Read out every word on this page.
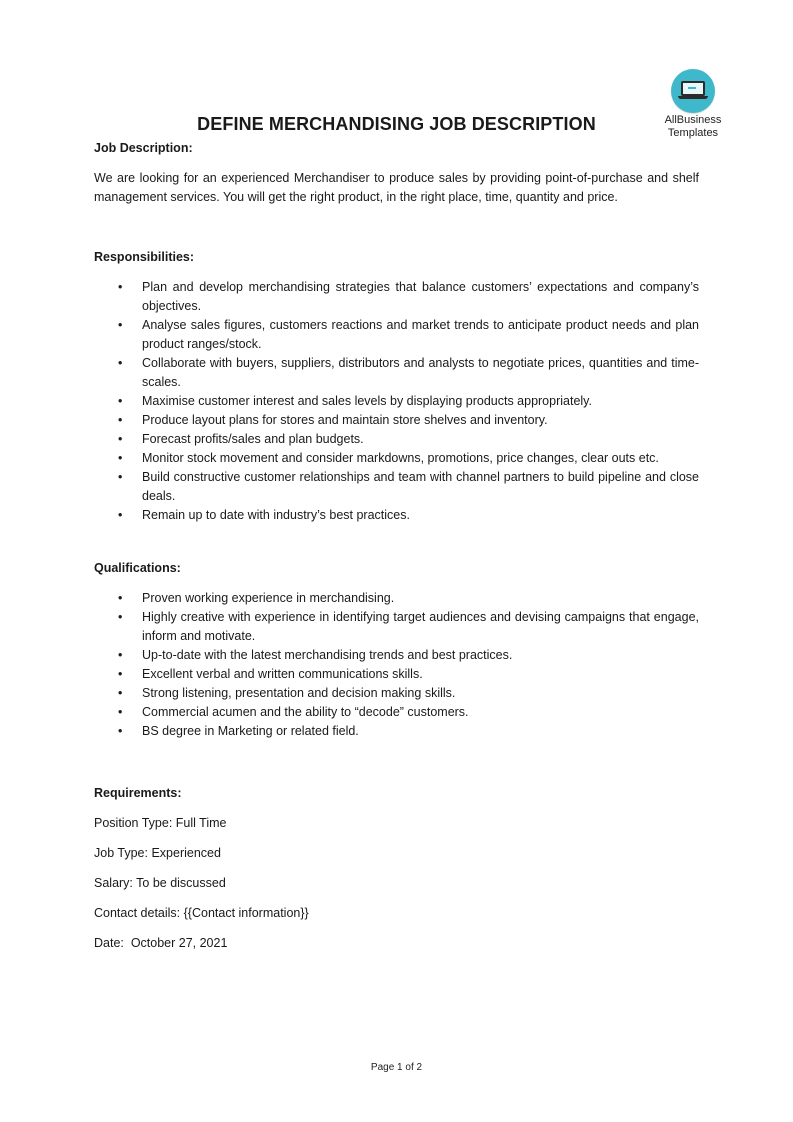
AllBusiness
Templates
DEFINE MERCHANDISING JOB DESCRIPTION

Job Description:

We are looking for an experienced Merchandiser to produce sales by providing point-of-purchase and shelf management services. You will get the right product, in the right place, time, quantity and price.

Responsibilities:

• Plan and develop merchandising strategies that balance customers’ expectations and company’s objectives.
• Analyse sales figures, customers reactions and market trends to anticipate product needs and plan product ranges/stock.
• Collaborate with buyers, suppliers, distributors and analysts to negotiate prices, quantities and time-scales.
• Maximise customer interest and sales levels by displaying products appropriately.
• Produce layout plans for stores and maintain store shelves and inventory.
• Forecast profits/sales and plan budgets.
• Monitor stock movement and consider markdowns, promotions, price changes, clear outs etc.
• Build constructive customer relationships and team with channel partners to build pipeline and close deals.
• Remain up to date with industry’s best practices.

Qualifications:

• Proven working experience in merchandising.
• Highly creative with experience in identifying target audiences and devising campaigns that engage, inform and motivate.
• Up-to-date with the latest merchandising trends and best practices.
• Excellent verbal and written communications skills.
• Strong listening, presentation and decision making skills.
• Commercial acumen and the ability to “decode” customers.
• BS degree in Marketing or related field.

Requirements:

Position Type: Full Time

Job Type: Experienced

Salary: To be discussed

Contact details: {{Contact information}}

Date:  October 27, 2021

Page 1 of 2
